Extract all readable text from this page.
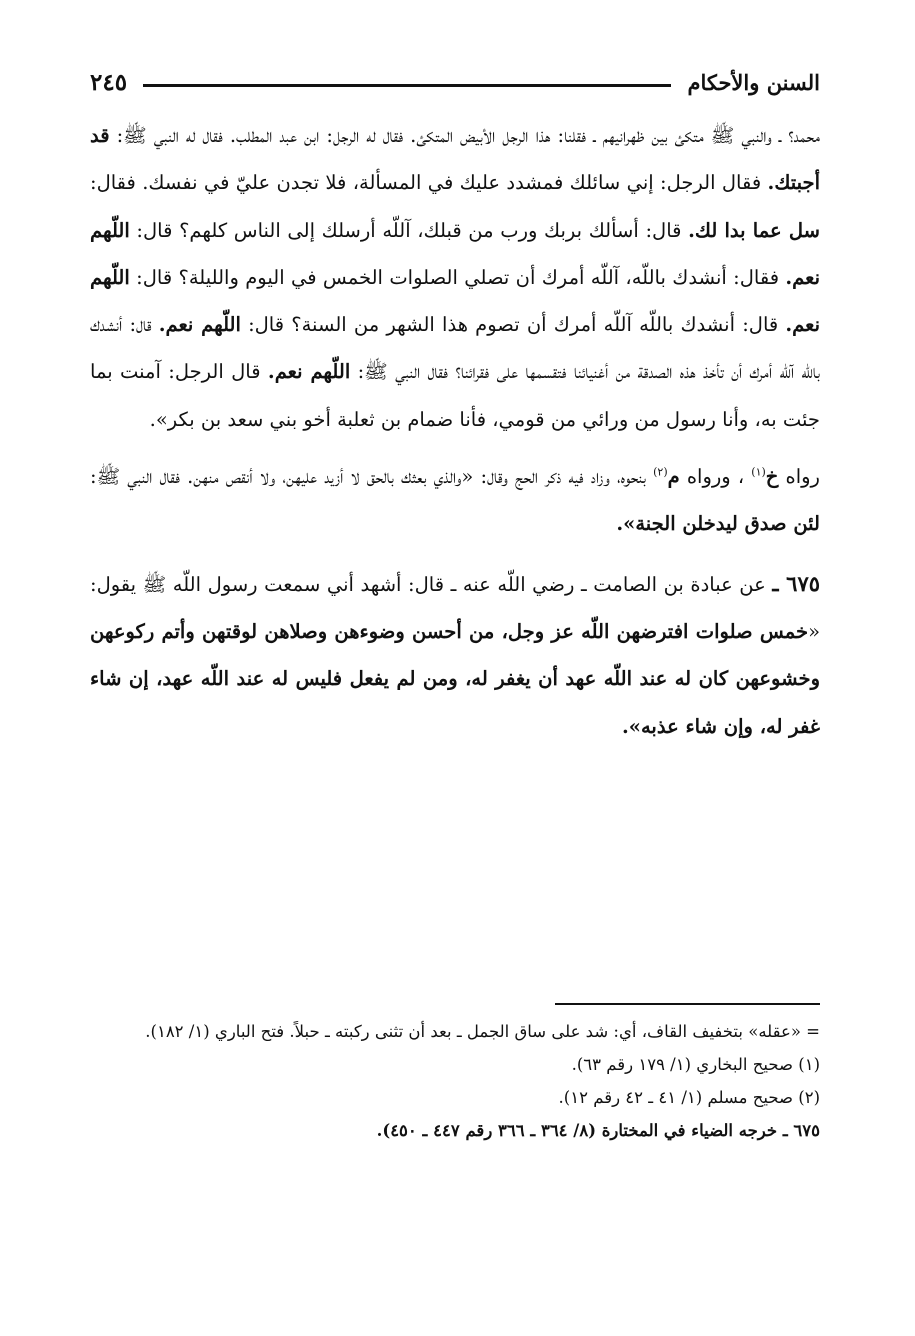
السنن والأحكام
٢٤٥

محمد؟ ـ والنبي ﷺ متكئ بين ظهرانيهم ـ فقلنا: هذا الرجل الأبيض المتكئ. فقال له الرجل: ابن عبد المطلب. فقال له النبي ﷺ: قد أجبتك. فقال الرجل: إني سائلك فمشدد عليك في المسألة، فلا تجدن عليّ في نفسك. فقال: سل عما بدا لك. قال: أسألك بربك ورب من قبلك، آللّه أرسلك إلى الناس كلهم؟ قال: اللّهم نعم. فقال: أنشدك باللّه، آللّه أمرك أن تصلي الصلوات الخمس في اليوم والليلة؟ قال: اللّهم نعم. قال: أنشدك باللّه آللّه أمرك أن تصوم هذا الشهر من السنة؟ قال: اللّهم نعم. قال: أنشدك باللّه آللّه أمرك أن تأخذ هذه الصدقة من أغنيائنا فتقسمها على فقرائنا؟ فقال النبي ﷺ: اللّهم نعم. قال الرجل: آمنت بما جئت به، وأنا رسول من ورائي من قومي، فأنا ضمام بن ثعلبة أخو بني سعد بن بكر».

رواه خ$^{(١)}$ ، ورواه م$^{(٢)}$ بنحوه، وزاد فيه ذكر الحج وقال: «والذي بعثك بالحق لا أزيد عليهن، ولا أنقص منهن. فقال النبي ﷺ: لئن صدق ليدخلن الجنة».

٦٧٥ ـ عن عبادة بن الصامت ـ رضي اللّه عنه ـ قال: أشهد أني سمعت رسول اللّه ﷺ يقول: «خمس صلوات افترضهن اللّه عز وجل، من أحسن وضوءهن وصلاهن لوقتهن وأتم ركوعهن وخشوعهن كان له عند اللّه عهد أن يغفر له، ومن لم يفعل فليس له عند اللّه عهد، إن شاء غفر له، وإن شاء عذبه».

= «عقله» بتخفيف القاف، أي: شد على ساق الجمل ـ بعد أن تثنى ركبته ـ حبلاً. فتح الباري (١/ ١٨٢).

(١) صحيح البخاري (١/ ١٧٩ رقم ٦٣).

(٢) صحيح مسلم (١/ ٤١ ـ ٤٢ رقم ١٢).

٦٧٥ ـ خرجه الضياء في المختارة (٨/ ٣٦٤ ـ ٣٦٦ رقم ٤٤٧ ـ ٤٥٠).
